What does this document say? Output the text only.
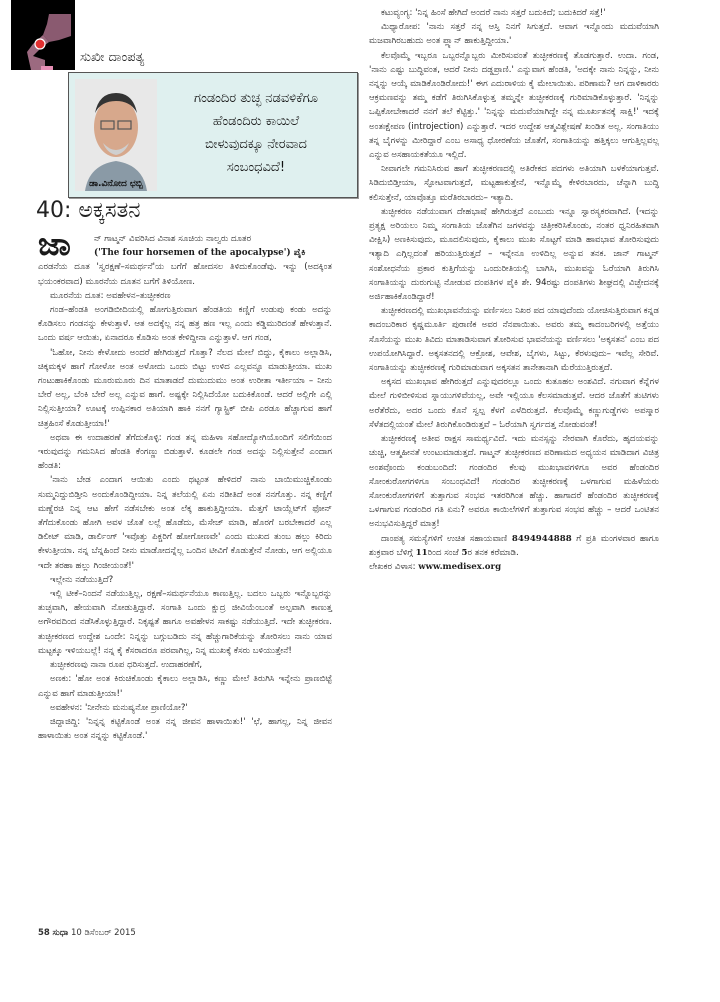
ಸುಖೀ ದಾಂಪತ್ಯ
ಡಾ.ವಿನೋದ ಛಬ್ಬಿ
ಗಂಡಂದಿರ ತುಚ್ಛ ನಡವಳಿಕೆಗೂ
ಹೆಂಡಂದಿರು ಕಾಯಿಲೆ
ಬೀಳುವುದಕ್ಕೂ ನೇರವಾದ
ಸಂಬಂಧವಿದೆ!
40: ಅಕ್ಕಸತನ
ಜಾ	ನ್ ಗಾಟ್ಮನ್ ವಿವರಿಸಿದ ವಿನಾಶ ಸೂಚಿಯ ನಾಲ್ವರು ದೂತರ

('The four horsemen of the apocalypse') ಪೈಕಿ

ಎರಡನೆಯ ದೂತ 'ಸ್ವರಕ್ಷಣೆ–ಸಮರ್ಥನೆ'ಯ ಬಗೆಗೆ ಹೋದಸಲ ತಿಳಿದುಕೊಂಡೆವು. ಇನ್ನು (ಅದಕ್ಕಿಂತ ಭಯಂಕರವಾದ) ಮೂರನೆಯ ದೂತನ ಬಗೆಗೆ ತಿಳಿಯೋಣ.

ಮೂರನೆಯ ದೂತ: ಅವಹೇಳನ–ತುಚ್ಛೀಕರಣ

ಗಂಡ–ಹೆಂಡತಿ ಅಂಗಡಿಬೀದಿಯಲ್ಲಿ ಹೋಗುತ್ತಿರುವಾಗ ಹೆಂಡತಿಯ ಕಣ್ಣಿಗೆ ಉಡುಪು ಕಂಡು ಅದನ್ನು ಕೊಡಿಸಲು ಗಂಡನನ್ನು ಕೇಳುತ್ತಾಳೆ. ಆತ ಅದಕ್ಕೆಲ್ಲ ನನ್ನ ಹತ್ರ ಹಣ ಇಲ್ಲ ಎಂದು ಕಡ್ಡಿಮುರಿದಂತೆ ಹೇಳುತ್ತಾನೆ. ಒಂದು ವರ್ಷ ಆಯಿತು, ಏನಾದರೂ ಕೊಡಿಸು ಅಂತ ಕೇಳಿದ್ದೀನಾ ಎನ್ನುತ್ತಾಳೆ. ಆಗ ಗಂಡ,

'ಓಹೋ, ನೀನು ಕೇಳೋದು ಅಂದರೆ ಹೇಗಿರುತ್ತದೆ ಗೊತ್ತಾ? ನೆಲದ ಮೇಲೆ ಬಿದ್ದು, ಕೈಕಾಲು ಅಲ್ಲಾಡಿಸಿ, ಚಿಕ್ಕಮಕ್ಕಳ ಹಾಗೆ ಗೋಳೋ ಅಂತ ಅಳೋದು ಒಂದು ಬಿಟ್ಟು ಉಳಿದ ಎಲ್ಲವನ್ನೂ ಮಾಡುತ್ತೀಯಾ. ಮುಖ ಗಂಟುಹಾಕಿಕೊಂಡು ಮೂರುಮೂರು ದಿನ ಮಾತಾಡದೆ ದುಮುದುಮು ಅಂತ ಉರೀತಾ ಇರ್ತೀಯಾ – ನೀನು ಬೇರೆ ಅಲ್ಲ, ಬೆಂಕಿ ಬೇರೆ ಅಲ್ಲ ಎನ್ನುವ ಹಾಗೆ. ಅಷ್ಟಕ್ಕೇ ನಿಲ್ಲಿಸಿದೆಯೋ ಬದುಕಿಕೊಂಡೆ. ಆದರೆ ಅಲ್ಲಿಗೇ ಎಲ್ಲಿ ನಿಲ್ಲಿಸುತ್ತೀಯಾ? ಊಟಕ್ಕೆ ಉಪ್ಪಿನಕಾರ ಅತಿಯಾಗಿ ಹಾಕಿ ನನಗೆ ಗ್ಯಾಸ್ಟ್ರಿಕ್ ಬೀಪಿ ಎರಡೂ ಹೆಚ್ಚಾಗುವ ಹಾಗೆ ಚಿತ್ರಹಿಂಸೆ ಕೊಡುತ್ತೀಯಾ!'

ಅಥವಾ ಈ ಉದಾಹರಣೆ ತೆಗೆದುಕೊಳ್ಳಿ: ಗಂಡ ತನ್ನ ಮಹಿಳಾ ಸಹೋದ್ಯೋಗಿಯೊಂದಿಗೆ ಸಲಿಗೆಯಿಂದ ಇರುವುದನ್ನು ಗಮನಿಸಿದ ಹೆಂಡತಿ ಕೆಂಗಣ್ಣು ಬಿಡುತ್ತಾಳೆ. ಕೂಡಲೇ ಗಂಡ ಅದನ್ನು ನಿಲ್ಲಿಸುತ್ತೇನೆ ಎಂದಾಗ ಹೆಂಡತಿ:

'ನಾನು ಬೇಡ ಎಂದಾಗ ಆಯಿತು ಎಂದು ಥಟ್ಟಂತ ಹೇಳಿದರೆ ನಾನು ಬಾಯಿಮುಚ್ಚಿಕೊಂಡು ಸುಮ್ಮನಿದ್ದುಬಿಡ್ತೀನಿ ಅಂದುಕೊಂಡಿದ್ದೀಯಾ. ನಿನ್ನ ತಲೆಯಲ್ಲಿ ಏನು ನಡೀತಿದೆ ಅಂತ ನನಗೊತ್ತು. ನನ್ನ ಕಣ್ಣಿಗೆ ಮಣ್ಣೆರಚಿ ನಿನ್ನ ಆಟ ಹೇಗೆ ನಡೆಸಬೇಕು ಅಂತ ಲೆಕ್ಕ ಹಾಕುತ್ತಿದ್ದೀಯಾ. ಮೆತ್ತಗೆ ಟಾಯ್ಲೆಟ್‌ಗೆ ಫೋನ್ ತೆಗೆದುಕೊಂಡು ಹೋಗಿ ಅವಳ ಜೊತೆ ಲಲ್ಲೆ ಹೊಡೆದು, ಮೆಸೇಜ್ ಮಾಡಿ, ಹೊರಗೆ ಬರಬೇಕಾದರೆ ಎಲ್ಲ ಡಿಲೀಟ್ ಮಾಡಿ, ಡಾರ್ಲಿಂಗ್ 'ಇವೊತ್ತು ಪಿಕ್ಚರಿಗೆ ಹೋಗೋಣವೇ' ಎಂದು ಮುಖದ ತುಂಬ ಹಲ್ಲು ಕಿರಿದು ಕೇಳುತ್ತೀಯಾ. ನನ್ನ ಬೆನ್ನಹಿಂದೆ ನೀನು ಮಾಡೋದನ್ನೆಲ್ಲ ಒಂದಿನ ಟೀವಿಗೆ ಕೊಡುತ್ತೇನೆ ನೋಡು, ಆಗ ಅಲ್ಲಿಯೂ ಇದೇ ತರಹಾ ಹಲ್ಲು ಗಿಂಜೀಯಂತೆ!'

ಇಲ್ಲೇನು ನಡೆಯುತ್ತಿದೆ?

ಇಲ್ಲಿ ಟೀಕೆ–ನಿಂದನೆ ನಡೆಯುತ್ತಿಲ್ಲ, ರಕ್ಷಣೆ–ಸಮರ್ಥನೆಯೂ ಕಾಣುತ್ತಿಲ್ಲ. ಬದಲು ಒಬ್ಬರು ಇನ್ನೊಬ್ಬರನ್ನು ತುಚ್ಛವಾಗಿ, ಹೇಯವಾಗಿ ನೋಡುತ್ತಿದ್ದಾರೆ. ಸಂಗಾತಿ ಒಂದು ಕ್ಷುದ್ರ ಜೀವಿಯೆಂಬಂತೆ ಅಲ್ಪವಾಗಿ ಕಾಣುತ್ತ ಅಗೌರವದಿಂದ ನಡೆಸಿಕೊಳ್ಳುತ್ತಿದ್ದಾರೆ. ನಿಕೃಷ್ಟತೆ ಹಾಗೂ ಅವಹೇಳನ ಸಾಕಷ್ಟು ನಡೆಯುತ್ತಿದೆ. ಇದೇ ತುಚ್ಛೀಕರಣ. ತುಚ್ಛೀಕರಣದ ಉದ್ದೇಶ ಒಂದೇ: ನಿನ್ನನ್ನು ಬಗ್ಗುಬಡಿದು ನನ್ನ ಹೆಚ್ಚುಗಾರಿಕೆಯನ್ನು ತೋರಿಸಲು ನಾನು ಯಾವ ಮಟ್ಟಕ್ಕೂ ಇಳಿಯಬಲ್ಲೆ! ನನ್ನ ಕೈ ಕೆಸರಾದರೂ ಪರವಾಗಿಲ್ಲ, ನಿನ್ನ ಮುಖಕ್ಕೆ ಕೆಸರು ಬಳಿಯುತ್ತೇನೆ!

ತುಚ್ಛೀಕರಣವು ನಾನಾ ರೂಪ ಧರಿಸುತ್ತದೆ. ಉದಾಹರಣೆಗೆ,

ಅಣಕು: 'ಹೋ ಅಂತ ಕಿರುಚಿಕೊಂಡು ಕೈಕಾಲು ಅಲ್ಲಾಡಿಸಿ, ಕಣ್ಣು ಮೇಲೆ ತಿರುಗಿಸಿ ಇನ್ನೇನು ಪ್ರಾಣಬಿಟ್ಟೆ ಎನ್ನುವ ಹಾಗೆ ಮಾಡುತ್ತೀಯಾ!'

ಅವಹೇಳನ: 'ನೀನೇನು ಮನುಷ್ಯನೋ ಪ್ರಾಣಿಯೋ?'

ಜಿದ್ದಾಜಿದ್ದಿ: 'ನಿನ್ನನ್ನ ಕಟ್ಟಿಕೊಂಡೆ ಅಂತ ನನ್ನ ಜೀವನ ಹಾಳಾಯಿತು!' 'ಛೆ, ಹಾಗಲ್ಲ, ನಿನ್ನ ಜೀವನ ಹಾಳಾಯಿತು ಅಂತ ನನ್ನನ್ನು ಕಟ್ಟಿಕೊಂಡೆ.'

ಕಟುವ್ಯಂಗ್ಯ: 'ನಿನ್ನ ಹಿಂಸೆ ಹೇಗಿದೆ ಅಂದರೆ ನಾನು ಸತ್ತರೆ ಬದುಕಿದೆ; ಬದುಕಿದರೆ ಸತ್ತೆ!'

ಮಿಥ್ಯಾರೋಪ: 'ನಾನು ಸತ್ತರೆ ನನ್ನ ಆಸ್ತಿ ನಿನಗೆ ಸಿಗುತ್ತದೆ. ಆವಾಗ ಇನ್ನೊಂದು ಮದುವೆಯಾಗಿ ಮಜವಾಗಿರಬಹುದು ಅಂತ ಪ್ಲ್ಯಾನ್ ಹಾಕುತ್ತಿದ್ದೀಯಾ.'

ಕೆಲವೊಮ್ಮೆ ಇಬ್ಬರೂ ಒಬ್ಬರನ್ನೊಬ್ಬರು ಮೀರಿಸುವಂತೆ ತುಚ್ಛೀಕರಣಕ್ಕೆ ತೊಡಗುತ್ತಾರೆ. ಉದಾ. ಗಂಡ, 'ನಾನು ಎಷ್ಟು ಬುದ್ಧಿವಂತ, ಆದರೆ ನೀನು ದಡ್ಡಪ್ರಾಣಿ.' ಎನ್ನುವಾಗ ಹೆಂಡತಿ, 'ಅದಕ್ಕೇ ನಾನು ನಿನ್ನನ್ನು, ನೀನು ನನ್ನನ್ನು ಆಯ್ಕೆ ಮಾಡಿಕೊಂಡಿರೋದು!' ಈಗ ಎದುರಾಳಿಯ ಕೈ ಮೇಲಾಯಿತು. ಪರಿಣಾಮ? ಆಗ ದಾಳಿಕಾರರು ಆಕ್ರಮಣವನ್ನು ತಮ್ಮ ಕಡೆಗೆ ತಿರುಗಿಸಿಕೊಳ್ಳುತ್ತ ತಮ್ಮನ್ನೇ ತುಚ್ಛೀಕರಣಕ್ಕೆ ಗುರಿಮಾಡಿಕೊಳ್ಳುತ್ತಾರೆ. 'ನಿನ್ನನ್ನು ಒಪ್ಪಿಕೋಬೇಕಾದರೆ ನನಗೆ ತಲೆ ಕೆಟ್ಟಿತ್ತು.' 'ನಿನ್ನನ್ನು ಮದುವೆಯಾಗಿದ್ದೇ ನನ್ನ ಮೂರ್ಖತನಕ್ಕೆ ಸಾಕ್ಷಿ!' ಇದಕ್ಕೆ ಅಂತಃಕ್ಷೇಪಣ (introjection) ಎನ್ನುತ್ತಾರೆ. ಇದರ ಉದ್ದೇಶ ಆತ್ಮವಿಶ್ಲೇಷಣೆ ಖಂಡಿತ ಅಲ್ಲ. ಸಂಗಾತಿಯು ತನ್ನ ಬೈಗಳನ್ನು ಮೀರಿದ್ದಾರೆ ಎಂಬ ಅಸಾಧ್ಯ ಧೋರಣೆಯ ಜೊತೆಗೆ, ಸಂಗಾತಿಯನ್ನು ಹತ್ತಿಕ್ಕಲು ಆಗುತ್ತಿಲ್ಲವಲ್ಲ ಎನ್ನುವ ಅಸಹಾಯಕತೆಯೂ ಇಲ್ಲಿದೆ.

ನೀವಾಗಲೇ ಗಮನಿಸಿರುವ ಹಾಗೆ ತುಚ್ಛೀಕರಣದಲ್ಲಿ ಅತಿರೇಕದ ಪದಗಳು ಅತಿಯಾಗಿ ಬಳಕೆಯಾಗುತ್ತವೆ. ಸಿಡಿದುಬಿಡ್ತೀಯಾ, ಸ್ಫೋಟವಾಗುತ್ತದೆ, ಮಟ್ಟಹಾಕುತ್ತೇನೆ, ಇನ್ನೊಮ್ಮೆ ಕೇಳಿರಬಾರದು, ಚೆನ್ನಾಗಿ ಬುದ್ಧಿ ಕಲಿಸುತ್ತೇನೆ, ಯಾವೊತ್ತೂ ಮರೆತಿರಬಾರದು– ಇತ್ಯಾದಿ.

ತುಚ್ಛೀಕರಣ ನಡೆಯುವಾಗ ದೇಹಭಾಷೆ ಹೇಗಿರುತ್ತದೆ ಎಂಬುದು ಇನ್ನೂ ಸ್ವಾರಸ್ಯಕರವಾಗಿದೆ. (ಇದನ್ನು ಪ್ರತ್ಯಕ್ಷ ಅರಿಯಲು ನಿಮ್ಮ ಸಂಗಾತಿಯ ಜೊತೆಗಿನ ಜಗಳವನ್ನು ಚಿತ್ರೀಕರಿಸಿಕೊಂಡು, ನಂತರ ಧ್ವನಿರಹಿತವಾಗಿ ವೀಕ್ಷಿಸಿ) ಅಣಕಿಸುವುದು, ಮೂದಲಿಸುವುದು, ಕೈಕಾಲು ಮುಖ ಸೊಟ್ಟಗೆ ಮಾಡಿ ಹಾವಭಾವ ತೋರಿಸುವುದು ಇತ್ಯಾದಿ ಎಗ್ಗಿಲ್ಲದಂತೆ ಹರಿಯುತ್ತಿರುತ್ತದೆ – ಇನ್ನೇನೂ ಉಳಿದಿಲ್ಲ ಅನ್ನುವ ತನಕ. ಜಾನ್ ಗಾಟ್ಮನ್ ಸಂಶೋಧನೆಯ ಪ್ರಕಾರ ಕುತ್ತಿಗೆಯನ್ನು ಒಂದುರೀತಿಯಲ್ಲಿ ಬಾಗಿಸಿ, ಮುಖವನ್ನು ಓರೆಯಾಗಿ ತಿರುಗಿಸಿ ಸಂಗಾತಿಯನ್ನು ದುರುಗುಟ್ಟಿ ನೋಡುವ ದಂಪತಿಗಳ ಪೈಕಿ ಶೇ. 94ರಷ್ಟು ದಂಪತಿಗಳು ಶೀಘ್ರದಲ್ಲಿ ವಿಚ್ಛೇದನಕ್ಕೆ ಅರ್ಜಿಹಾಕಿಕೊಂಡಿದ್ದಾರೆ!

ತುಚ್ಛೀಕರಣದಲ್ಲಿ ಮುಖಭಾವನೆಯನ್ನು ವರ್ಣಿಸಲು ನಿಖರ ಪದ ಯಾವುದೆಂದು ಯೋಚಿಸುತ್ತಿರುವಾಗ ಕನ್ನಡ ಕಾದಂಬರಿಕಾರ ಕೃಷ್ಣಮೂರ್ತಿ ಪುರಾಣಿಕ ಅವರ ನೆನಪಾಯಿತು. ಅವರು ತಮ್ಮ ಕಾದಂಬರಿಗಳಲ್ಲಿ ಅತ್ತೆಯು ಸೊಸೆಯನ್ನು ಮುಖ ತಿವಿದು ಮಾತಾಡಿಸುವಾಗ ತೋರಿಸುವ ಭಾವನೆಯನ್ನು ವರ್ಣಿಸಲು 'ಅಕ್ಕಸತನ' ಎಂಬ ಪದ ಉಪಯೋಗಿಸಿದ್ದಾರೆ. ಅಕ್ಕಸತನದಲ್ಲಿ ಆಕ್ರೋಶ, ಆವೇಶ, ಬೈಗಳು, ಸಿಟ್ಟು, ಕೆರಳುವುದು– ಇವೆಲ್ಲ ಸೇರಿವೆ. ಸಂಗಾತಿಯನ್ನು ತುಚ್ಛೀಕರಣಕ್ಕೆ ಗುರಿಮಾಡುವಾಗ ಅಕ್ಕಸತನ ತಾನೇತಾನಾಗಿ ಮೆರೆಯುತ್ತಿರುತ್ತದೆ.

ಅಕ್ಕಸದ ಮುಖಭಾವ ಹೇಗಿರುತ್ತದೆ ಎನ್ನುವುದರಲ್ಲೂ ಒಂದು ಕುತೂಹಲ ಅಂಶವಿದೆ. ನಗುವಾಗ ಕೆನ್ನೆಗಳ ಮೇಲೆ ಗುಳಿಬೀಳಿಸುವ ಸ್ನಾಯುಗಳಿವೆಯಲ್ಲ, ಅವೇ ಇಲ್ಲಿಯೂ ಕೆಲಸಮಾಡುತ್ತವೆ. ಆದರ ಜೊತೆಗೆ ತುಟಿಗಳು ಅರೆತೆರೆದು, ಅದರ ಒಂದು ಕೊನೆ ಸ್ವಲ್ಪ ಕೆಳಗೆ ಎಳೆದಿರುತ್ತದೆ. ಕೆಲವೊಮ್ಮೆ ಕಣ್ಣುಗುಡ್ಡೆಗಳು ಅಪಸ್ಮಾರ ಸೆಳೆತದಲ್ಲಿಯಂತೆ ಮೇಲೆ ತಿರುಗಿಕೊಂಡಿರುತ್ತವೆ – ಓರೆಯಾಗಿ ಸ್ವರ್ಗದತ್ತ ನೋಡುವಂತೆ!

ತುಚ್ಛೀಕರಣಕ್ಕೆ ಅತೀವ ರಾಕ್ಷಸ ಸಾಮರ್ಥ್ಯವಿದೆ. ಇದು ಮನಸ್ಸನ್ನು ನೇರವಾಗಿ ಕೊರೆದು, ಹೃದಯವನ್ನು ಚುಚ್ಚಿ, ಆತ್ಮಹೀನತೆ ಉಂಟುಮಾಡುತ್ತದೆ. ಗಾಟ್ಮನ್ ತುಚ್ಛೀಕರಣದ ಪರಿಣಾಮದ ಅಧ್ಯಯನ ಮಾಡಿದಾಗ ವಿಚಿತ್ರ ಅಂಶವೊಂದು ಕಂಡುಬಂದಿದೆ: ಗಂಡಂದಿರ ಕೆಲವು ಮುಖಭಾವಗಳಿಗೂ ಅವರ ಹೆಂಡಂದಿರ ಸೋಂಕುರೋಗಗಳಿಗೂ ಸಂಬಂಧವಿದೆ! ಗಂಡಂದಿರ ತುಚ್ಛೀಕರಣಕ್ಕೆ ಒಳಗಾಗುವ ಮಹಿಳೆಯರು ಸೋಂಕುರೋಗಗಳಿಗೆ ತುತ್ತಾಗುವ ಸಂಭವ ಇತರರಿಗಿಂತ ಹೆಚ್ಚು. ಹಾಗಾದರೆ ಹೆಂಡಂದಿರ ತುಚ್ಛೀಕರಣಕ್ಕೆ ಒಳಗಾಗುವ ಗಂಡಂದಿರ ಗತಿ ಏನು? ಅವರೂ ಕಾಯಿಲೆಗಳಿಗೆ ತುತ್ತಾಗುವ ಸಂಭವ ಹೆಚ್ಚು – ಆದರೆ ಒಂಟಿತನ ಅನುಭವಿಸುತ್ತಿದ್ದರೆ ಮಾತ್ರ!

ದಾಂಪತ್ಯ ಸಮಸ್ಯೆಗಳಿಗೆ ಉಚಿತ ಸಹಾಯವಾಣಿ 8494944888 ಗೆ ಪ್ರತಿ ಮಂಗಳವಾರ ಹಾಗೂ ಶುಕ್ರವಾರ ಬೆಳಿಗ್ಗೆ 11ರಿಂದ ಸಂಜೆ 5ರ ತನಕ ಕರೆಮಾಡಿ.

ಲೇಖಕರ ವಿಳಾಸ: www.medisex.org

58 ಸುಧಾ 10 ಡಿಸೆಂಬರ್ 2015
